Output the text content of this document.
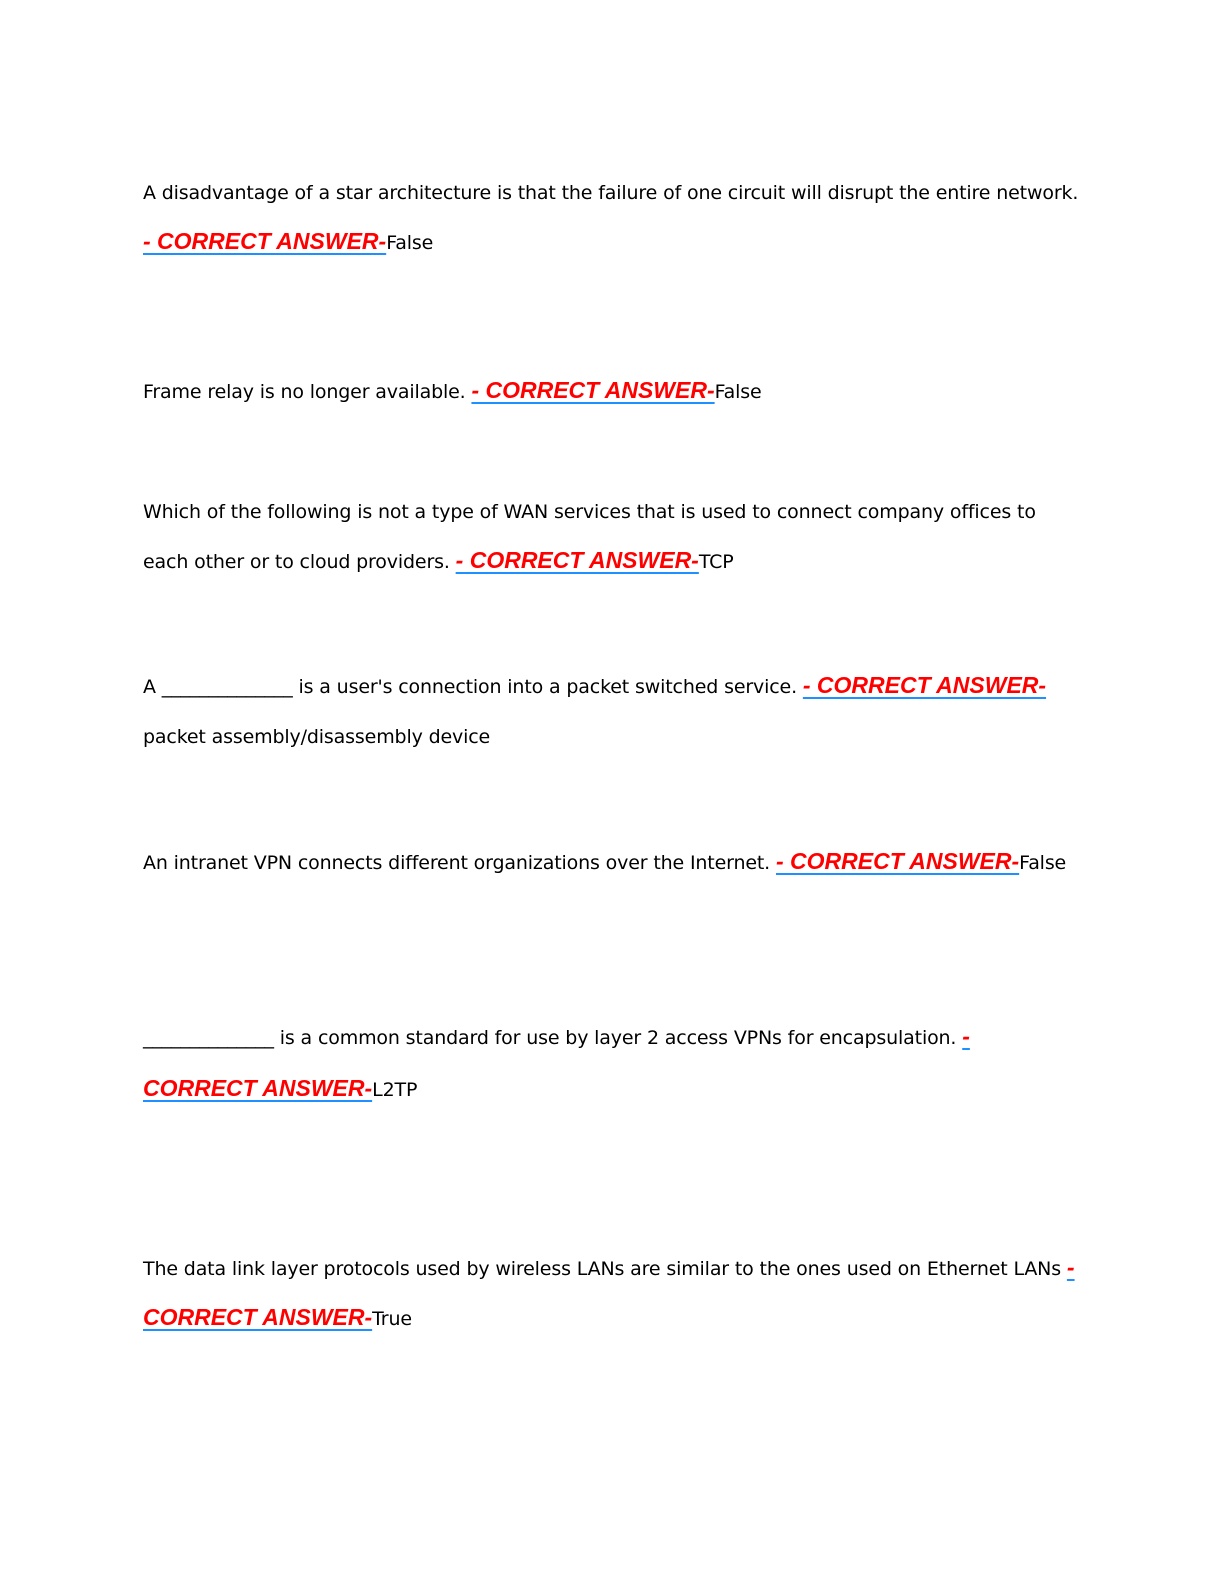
A disadvantage of a star architecture is that the failure of one circuit will disrupt the entire network. - CORRECT ANSWER-False

Frame relay is no longer available. - CORRECT ANSWER-False

Which of the following is not a type of WAN services that is used to connect company offices to each other or to cloud providers. - CORRECT ANSWER-TCP

A ______________ is a user's connection into a packet switched service. - CORRECT ANSWER-packet assembly/disassembly device

An intranet VPN connects different organizations over the Internet. - CORRECT ANSWER-False

______________ is a common standard for use by layer 2 access VPNs for encapsulation. - CORRECT ANSWER-L2TP

The data link layer protocols used by wireless LANs are similar to the ones used on Ethernet LANs - CORRECT ANSWER-True
